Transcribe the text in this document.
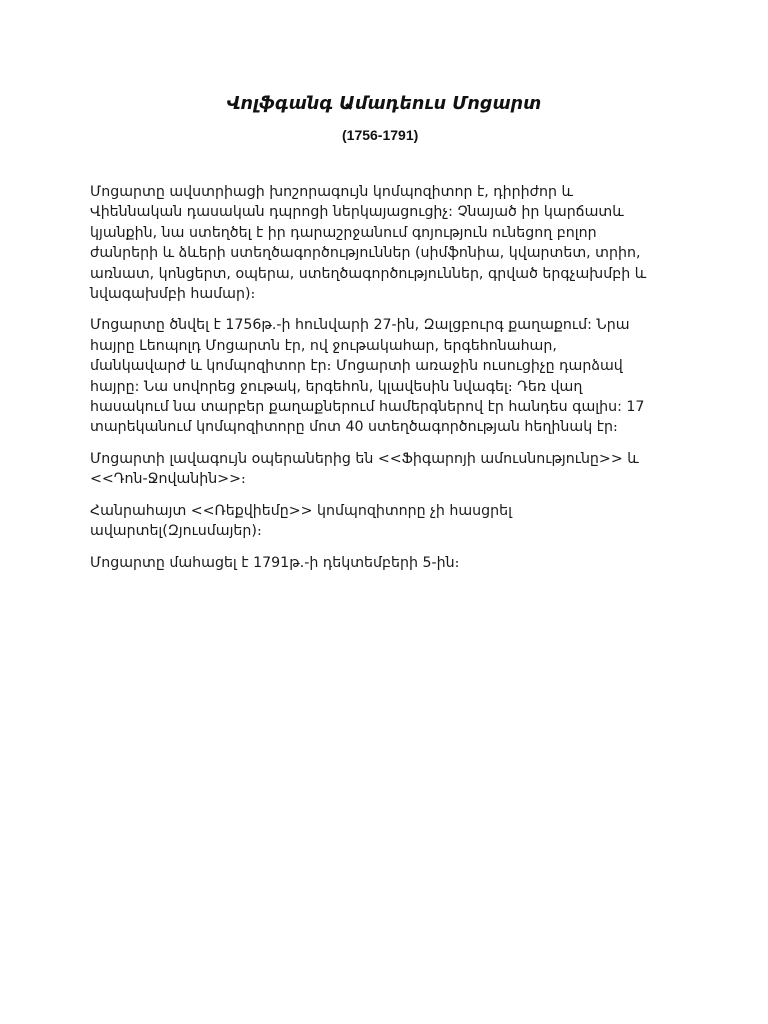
Վոլֆգանգ Ամադեուս Մոցարտ
(1756-1791)

Մոցարտը ավստրիացի խոշորագույն կոմպոզիտոր է, դիրիժոր և
Վիեննական դասական դպրոցի ներկայացուցիչ: Չնայած իր կարճատև
կյանքին, նա ստեղծել է իր դարաշրջանում գոյություն ունեցող բոլոր
ժանրերի և ձևերի ստեղծագործություններ (սիմֆոնիա, կվարտետ, տրիո,
առնատ, կոնցերտ, օպերա, ստեղծագործություններ, գրված երգչախմբի և
նվագախմբի համար)։

Մոցարտը ծնվել է 1756թ.-ի հունվարի 27-ին, Զալցբուրգ քաղաքում: Նրա
հայրը Լեոպոլդ Մոցարտն էր, ով ջութակահար, երգեհոնահար,
մանկավարժ և կոմպոզիտոր էր։ Մոցարտի առաջին ուսուցիչը դարձավ
հայրը: Նա սովորեց ջութակ, երգեհոն, կլավեսին նվագել։ Դեռ վաղ
հասակում նա տարբեր քաղաքներում համերգներով էր հանդես գալիս: 17
տարեկանում կոմպոզիտորը մոտ 40 ստեղծագործության հեղինակ էր։

Մոցարտի լավագույն օպերաներից են <<Ֆիգարոյի ամուսնությունը>> և
<<Դոն-Ջովանին>>։

Հանրահայտ <<Ռեքվիեմը>> կոմպոզիտորը չի հասցրել
ավարտել(Զյուսմայեր)։

Մոցարտը մահացել է 1791թ.-ի դեկտեմբերի 5-ին։
